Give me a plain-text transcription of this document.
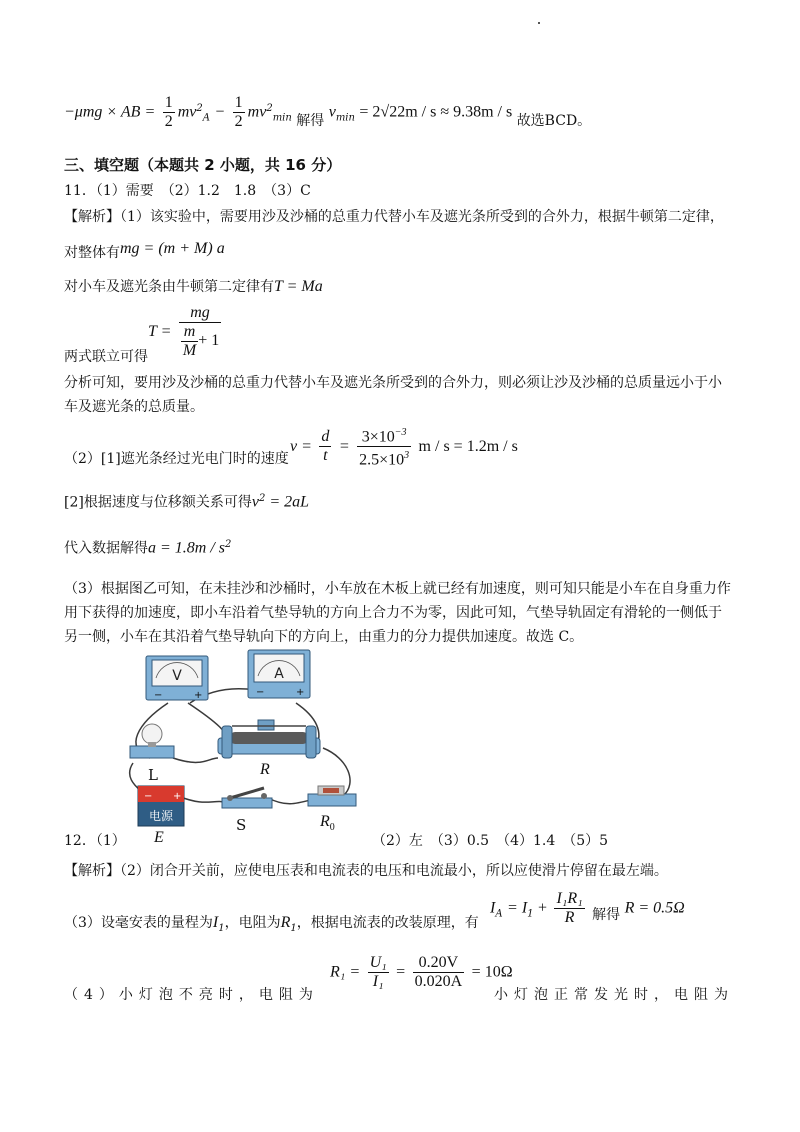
−μmg × AB = $\frac{1}{2} mv^2_A - \frac{1}{2} mv^2_{min}$ 解得 $v_{min} = 2√22m / s \approx 9.38m / s$ 故选BCD。
三、填空题（本题共 2 小题，共 16 分）
11．（1）需要　（2）1.2　1.8　（3）C
【解析】（1）该实验中，需要用沙及沙桶的总重力代替小车及遮光条所受到的合外力，根据牛顿第二定律，
对整体有mg = (m + M) a
对小车及遮光条由牛顿第二定律有T = Ma
$T = \frac{mg}{\frac{m}{M} + 1}$
两式联立可得
分析可知，要用沙及沙桶的总重力代替小车及遮光条所受到的合外力，则必须让沙及沙桶的总质量远小于小
车及遮光条的总质量。
$v = \frac{d}{t} = \frac{3\times 10^{-3}}{2.5\times 10^3}$ m / s = 1.2m / s
（2）[1]遮光条经过光电门时的速度
[2]根据速度与位移额关系可得$v^2 = 2aL$
代入数据解得$a = 1.8m / s^2$
（3）根据图乙可知，在未挂沙和沙桶时，小车放在木板上就已经有加速度，则可知只能是小车在自身重力作
用下获得的加速度，即小车沿着气垫导轨的方向上合力不为零，因此可知，气垫导轨固定有滑轮的一侧低于
另一侧，小车在其沿着气垫导轨向下的方向上，由重力的分力提供加速度。故选 C。
V
−	+
A
−	+
L	R
− +
电源
E
S	$R_0$
12．（1）	（2）左　（3）0.5　（4）1.4　（5）5
【解析】（2）闭合开关前，应使电压表和电流表的电压和电流最小，所以应使滑片停留在最左端。
（3）设毫安表的量程为$I_1$，电阻为$R_1$，根据电流表的改装原理，有
$I_A = I_1 + \frac{\text{I₁R₁}}{R}$ 解得 R = 0.5Ω
$R_1 = \frac{\text{U₁}}{\text{I₁}} = \frac{0.20V}{0.020A} = 10\Omega$
（4）小灯泡不亮时，电阻为	小灯泡正常发光时，电阻为
